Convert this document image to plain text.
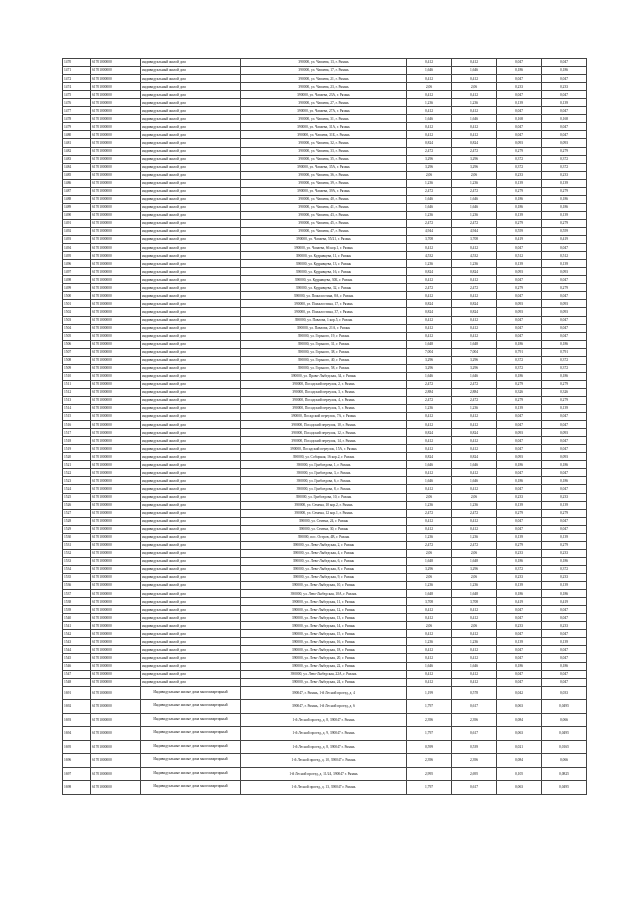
1470	61701000000	индивидуальный жилой дом	390000, ул. Чапаева, 13, г. Рязань	0,412	0,412	0,047	0,047
1471	61701000000	индивидуальный жилой дом	390000, ул. Чапаева, 17, г. Рязань	1,646	1,646	0,186	0,186
1472	61701000000	индивидуальный жилой дом	390000, ул. Чапаева, 21, г. Рязань	0,412	0,412	0,047	0,047
1474	61701000000	индивидуальный жилой дом	390000, ул. Чапаева, 23, г. Рязань	2,06	2,06	0,233	0,233
1475	61701000000	индивидуальный жилой дом	390000, ул. Чапаева, 23А, г. Рязань	0,412	0,412	0,047	0,047
1476	61701000000	индивидуальный жилой дом	390000, ул. Чапаева, 27, г. Рязань	1,236	1,236	0,139	0,139
1477	61701000000	индивидуальный жилой дом	390000, ул. Чапаева, 27А, г. Рязань	0,412	0,412	0,047	0,047
1478	61701000000	индивидуальный жилой дом	390000, ул. Чапаева, 31, г. Рязань	1,646	1,646	0,168	0,168
1479	61701000000	индивидуальный жилой дом	390000, ул. Чапаева, 31А, г. Рязань	0,412	0,412	0,047	0,047
1480	61701000000	индивидуальный жилой дом	390000, ул. Чапаева, 31Б, г. Рязань	0,412	0,412	0,047	0,047
1481	61701000000	индивидуальный жилой дом	390000, ул. Чапаева, 32, г. Рязань	0,824	0,824	0,093	0,093
1482	61701000000	индивидуальный жилой дом	390000, ул. Чапаева, 33, г. Рязань	2,472	2,472	0,279	0,279
1483	61701000000	индивидуальный жилой дом	390000, ул. Чапаева, 35, г. Рязань	3,296	3,296	0,372	0,372
1484	61701000000	индивидуальный жилой дом	390000, ул. Чапаева, 35А, г. Рязань	3,296	3,296	0,372	0,372
1485	61701000000	индивидуальный жилой дом	390000, ул. Чапаева, 36, г. Рязань	2,06	2,06	0,233	0,233
1486	61701000000	индивидуальный жилой дом	390000, ул. Чапаева, 39, г. Рязань	1,236	1,236	0,139	0,139
1487	61701000000	индивидуальный жилой дом	390000, ул. Чапаева, 39А, г. Рязань	2,472	2,472	0,279	0,279
1488	61701000000	индивидуальный жилой дом	390000, ул. Чапаева, 40, г. Рязань	1,646	1,646	0,186	0,186
1489	61701000000	индивидуальный жилой дом	390000, ул. Чапаева, 41, г. Рязань	1,646	1,646	0,186	0,186
1490	61701000000	индивидуальный жилой дом	390000, ул. Чапаева, 43, г. Рязань	1,236	1,236	0,139	0,139
1491	61701000000	индивидуальный жилой дом	390000, ул. Чапаева, 45, г. Рязань	2,472	2,472	0,279	0,279
1492	61701000000	индивидуальный жилой дом	390000, ул. Чапаева, 47, г. Рязань	4,944	4,944	0,559	0,559
1493	61701000000	индивидуальный жилой дом	390000, ул. Чапаева, 55/21, г. Рязань	3,708	3,708	0,419	0,419
1494	61701000000	индивидуальный жилой дом	390000, ул. Чапаева, 66 кор.1, г. Рязань	0,412	0,412	0,047	0,047
1495	61701000000	индивидуальный жилой дом	390000, ул. Кудрявцева, 11, г. Рязань	4,532	4,532	0,512	0,512
1496	61701000000	индивидуальный жилой дом	390000, ул. Кудрявцева, 13, г. Рязань	1,236	1,236	0,139	0,139
1497	61701000000	индивидуальный жилой дом	390000, ул. Кудрявцева, 16, г. Рязань	0,824	0,824	0,093	0,093
1498	61701000000	индивидуальный жилой дом	390000, ул. Кудрявцева, 30Б, г. Рязань	0,412	0,412	0,047	0,047
1499	61701000000	индивидуальный жилой дом	390000, ул. Кудрявцева, 32, г. Рязань	2,472	2,472	0,279	0,279
1500	61701000000	индивидуальный жилой дом	390000, ул. Пожалостина, 8А, г. Рязань	0,412	0,412	0,047	0,047
1501	61701000000	индивидуальный жилой дом	390000, ул. Пожалостина, 17, г. Рязань	0,824	0,824	0,093	0,093
1502	61701000000	индивидуальный жилой дом	390000, ул. Пожалостина, 37, г. Рязань	0,824	0,824	0,093	0,093
1503	61701000000	индивидуальный жилой дом	390000, ул. Павлова, 1 кор.5, г. Рязань	0,412	0,412	0,047	0,047
1504	61701000000	индивидуальный жилой дом	390000, ул. Павлова, 21А, г. Рязань	0,412	0,412	0,047	0,047
1505	61701000000	индивидуальный жилой дом	390000, ул. Горького, 19, г. Рязань	0,412	0,412	0,047	0,047
1506	61701000000	индивидуальный жилой дом	390000, ул. Горького, 31, г. Рязань	1,648	1,648	0,186	0,186
1507	61701000000	индивидуальный жилой дом	390000, ул. Горького, 38, г. Рязань	7,004	7,004	0,791	0,791
1508	61701000000	индивидуальный жилой дом	390000, ул. Горького, 40, г. Рязань	3,296	3,296	0,372	0,372
1509	61701000000	индивидуальный жилой дом	390000, ул. Горького, 58, г. Рязань	3,296	3,296	0,372	0,372
1510	61701000000	индивидуальный жилой дом	390000, ул. Право-Лыбедская, 34, г. Рязань	1,646	1,646	0,186	0,186
1511	61701000000	индивидуальный жилой дом	390000, Посадский переулок, 2, г. Рязань	2,472	2,472	0,279	0,279
1512	61701000000	индивидуальный жилой дом	390000, Посадский переулок, 3, г. Рязань	2,884	2,884	0,326	0,326
1513	61701000000	индивидуальный жилой дом	390000, Посадский переулок, 4, г. Рязань	2,472	2,472	0,279	0,279
1514	61701000000	индивидуальный жилой дом	390000, Посадский переулок, 5, г. Рязань	1,236	1,236	0,139	0,139
1515	61701000000	индивидуальный жилой дом	390000, Посадский переулок, 7А, г. Рязань	0,412	0,412	0,047	0,047
1516	61701000000	индивидуальный жилой дом	390000, Посадский переулок, 10, г. Рязань	0,412	0,412	0,047	0,047
1517	61701000000	индивидуальный жилой дом	390000, Посадский переулок, 12, г. Рязань	0,824	0,824	0,093	0,093
1518	61701000000	индивидуальный жилой дом	390000, Посадский переулок, 14, г. Рязань	0,412	0,412	0,047	0,047
1519	61701000000	индивидуальный жилой дом	390000, Посадский переулок, 15А, г. Рязань	0,412	0,412	0,047	0,047
1520	61701000000	индивидуальный жилой дом	390000, ул. Соборная, 16 кор.2, г. Рязань	0,824	0,824	0,093	0,093
1521	61701000000	индивидуальный жилой дом	390000, ул. Грибоедова, 1, г. Рязань	1,646	1,646	0,186	0,186
1522	61701000000	индивидуальный жилой дом	390000, ул. Грибоедова, 3, г. Рязань	0,412	0,412	0,047	0,047
1523	61701000000	индивидуальный жилой дом	390000, ул. Грибоедова, 6, г. Рязань	1,646	1,646	0,186	0,186
1524	61701000000	индивидуальный жилой дом	390000, ул. Грибоедова, 8, г. Рязань	0,412	0,412	0,047	0,047
1525	61701000000	индивидуальный жилой дом	390000, ул. Грибоедова, 10, г. Рязань	2,06	2,06	0,233	0,233
1526	61701000000	индивидуальный жилой дом	390000, ул. Семена, 10 кор.2, г. Рязань	1,236	1,236	0,139	0,139
1527	61701000000	индивидуальный жилой дом	390000, ул. Семена, 12 кор.1, г. Рязань	2,472	2,472	0,279	0,279
1528	61701000000	индивидуальный жилой дом	390000, ул. Семена, 24, г. Рязань	0,412	0,412	0,047	0,047
1529	61701000000	индивидуальный жилой дом	390000, ул. Семена, 30, г. Рязань	0,412	0,412	0,047	0,047
1530	61701000000	индивидуальный жилой дом	390000, пос. Остров, 4В, г. Рязань	1,236	1,236	0,139	0,139
1531	61701000000	индивидуальный жилой дом	390000, ул. Лево-Лыбедская, 2, г. Рязань	2,472	2,472	0,279	0,279
1532	61701000000	индивидуальный жилой дом	390000, ул. Лево-Лыбедская, 4, г. Рязань	2,06	2,06	0,233	0,233
1533	61701000000	индивидуальный жилой дом	390000, ул. Лево-Лыбедская, 6, г. Рязань	1,648	1,648	0,186	0,186
1534	61701000000	индивидуальный жилой дом	390000, ул. Лево-Лыбедская, 8, г. Рязань	3,296	3,296	0,372	0,372
1535	61701000000	индивидуальный жилой дом	390000, ул. Лево-Лыбедская, 9, г. Рязань	2,06	2,06	0,233	0,233
1536	61701000000	индивидуальный жилой дом	390000, ул. Лево-Лыбедская, 10, г. Рязань	1,236	1,236	0,139	0,139
1537	61701000000	индивидуальный жилой дом	390000, ул. Лево-Лыбедская, 10А, г. Рязань	1,648	1,648	0,186	0,186
1538	61701000000	индивидуальный жилой дом	390000, ул. Лево-Лыбедская, 11, г. Рязань	3,708	3,708	0,419	0,419
1539	61701000000	индивидуальный жилой дом	390000, ул. Лево-Лыбедская, 12, г. Рязань	0,412	0,412	0,047	0,047
1540	61701000000	индивидуальный жилой дом	390000, ул. Лево-Лыбедская, 13, г. Рязань	0,412	0,412	0,047	0,047
1541	61701000000	индивидуальный жилой дом	390000, ул. Лево-Лыбедская, 14, г. Рязань	2,06	2,06	0,233	0,233
1542	61701000000	индивидуальный жилой дом	390000, ул. Лево-Лыбедская, 15, г. Рязань	0,412	0,412	0,047	0,047
1543	61701000000	индивидуальный жилой дом	390000, ул. Лево-Лыбедская, 16, г. Рязань	1,236	1,236	0,139	0,139
1544	61701000000	индивидуальный жилой дом	390000, ул. Лево-Лыбедская, 18, г. Рязань	0,412	0,412	0,047	0,047
1545	61701000000	индивидуальный жилой дом	390000, ул. Лево-Лыбедская, 20, г. Рязань	0,412	0,412	0,047	0,047
1546	61701000000	индивидуальный жилой дом	390000, ул. Лево-Лыбедская, 22, г. Рязань	1,646	1,646	0,186	0,186
1547	61701000000	индивидуальный жилой дом	390000, ул. Лево-Лыбедская, 22А, г. Рязань	0,412	0,412	0,047	0,047
1548	61701000000	индивидуальный жилой дом	390000, ул. Лево-Лыбедская, 24, г. Рязань	0,412	0,412	0,047	0,047
1691	61701000000	Индивидуальные жилые дома многоквартирный	390047, г. Рязань, 1-й Лесной проезд, д. 4	1,199	0,578	0,042	0,033
1692	61701000000	Индивидуальные жилые дома многоквартирный	390047, г. Рязань, 1-й Лесной проезд, д. 6	1,797	0,617	0,063	0,0495
1693	61701000000	Индивидуальные жилые дома многоквартирный	1-й Лесной проезд, д. 8, 390047 г. Рязань	2,396	2,396	0,084	0,066
1694	61701000000	Индивидуальные жилые дома многоквартирный	1-й Лесной проезд, д. 9, 390047 г. Рязань	1,797	0,617	0,063	0,0495
1695	61701000000	Индивидуальные жилые дома многоквартирный	1-й Лесной проезд, д. 8, 390047 г. Рязань	0,599	0,539	0,021	0,0165
1696	61701000000	Индивидуальные жилые дома многоквартирный	1-й Лесной проезд, д. 10, 390047 г. Рязань	2,396	2,396	0,084	0,066
1697	61701000000	Индивидуальные жилые дома многоквартирный	1-й Лесной проезд, д. 11/24, 390047 г. Рязань	2,995	2,695	0,105	0,0825
1698	61701000000	Индивидуальные жилые дома многоквартирный	1-й Лесной проезд, д. 13, 390047 г. Рязань	1,797	0,617	0,063	0,0495
